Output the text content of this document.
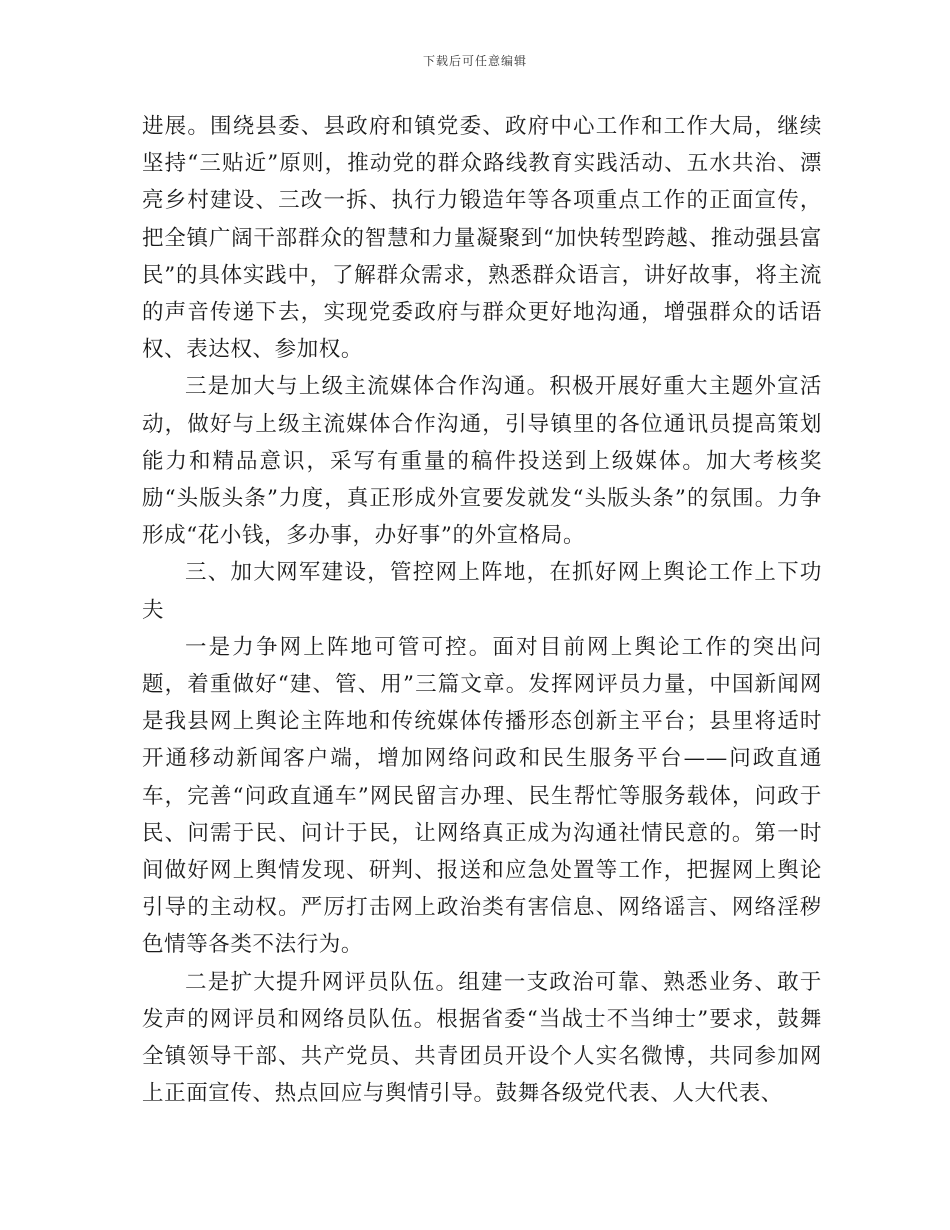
下载后可任意编辑

进展。围绕县委、县政府和镇党委、政府中心工作和工作大局，继续坚持“三贴近”原则，推动党的群众路线教育实践活动、五水共治、漂亮乡村建设、三改一拆、执行力锻造年等各项重点工作的正面宣传，把全镇广阔干部群众的智慧和力量凝聚到“加快转型跨越、推动强县富民”的具体实践中，了解群众需求，熟悉群众语言，讲好故事，将主流的声音传递下去，实现党委政府与群众更好地沟通，增强群众的话语权、表达权、参加权。

三是加大与上级主流媒体合作沟通。积极开展好重大主题外宣活动，做好与上级主流媒体合作沟通，引导镇里的各位通讯员提高策划能力和精品意识，采写有重量的稿件投送到上级媒体。加大考核奖励“头版头条”力度，真正形成外宣要发就发“头版头条”的氛围。力争形成“花小钱，多办事，办好事”的外宣格局。

三、加大网军建设，管控网上阵地，在抓好网上舆论工作上下功夫

一是力争网上阵地可管可控。面对目前网上舆论工作的突出问题，着重做好“建、管、用”三篇文章。发挥网评员力量，中国新闻网是我县网上舆论主阵地和传统媒体传播形态创新主平台；县里将适时开通移动新闻客户端，增加网络问政和民生服务平台——问政直通车，完善“问政直通车”网民留言办理、民生帮忙等服务载体，问政于民、问需于民、问计于民，让网络真正成为沟通社情民意的。第一时间做好网上舆情发现、研判、报送和应急处置等工作，把握网上舆论引导的主动权。严厉打击网上政治类有害信息、网络谣言、网络淫秽色情等各类不法行为。

二是扩大提升网评员队伍。组建一支政治可靠、熟悉业务、敢于发声的网评员和网络员队伍。根据省委“当战士不当绅士”要求，鼓舞全镇领导干部、共产党员、共青团员开设个人实名微博，共同参加网上正面宣传、热点回应与舆情引导。鼓舞各级党代表、人大代表、
